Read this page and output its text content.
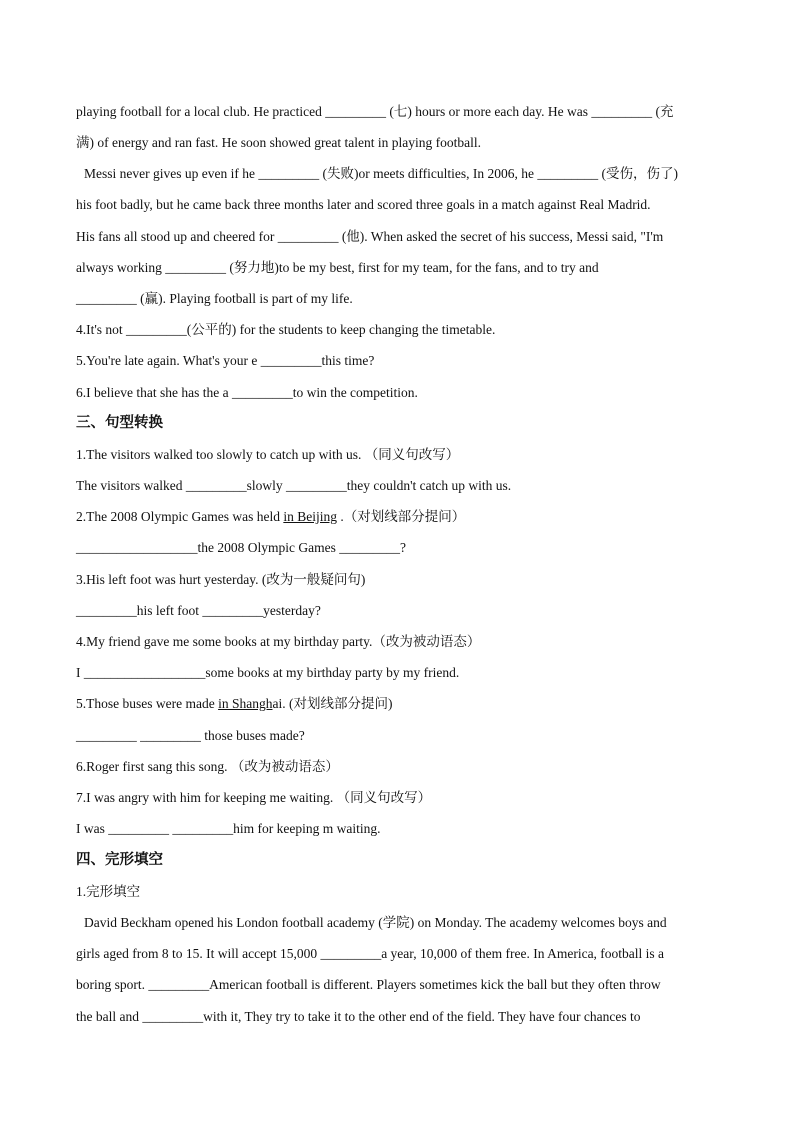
playing football for a local club. He practiced _________ (七) hours or more each day. He was _________ (充
满) of energy and ran fast. He soon showed great talent in playing football.
Messi never gives up even if he _________ (失败)or meets difficulties, In 2006, he _________ (受伤，伤了)
his foot badly, but he came back three months later and scored three goals in a match against Real Madrid.
His fans all stood up and cheered for _________ (他). When asked the secret of his success, Messi said, "I'm
always working _________ (努力地)to be my best, first for my team, for the fans, and to try and
_________ (赢). Playing football is part of my life.
4.It's not _________(公平的) for the students to keep changing the timetable.
5.You're late again. What's your e _________this time?
6.I believe that she has the a _________to win the competition.
三、句型转换
1.The visitors walked too slowly to catch up with us. （同义句改写）
The visitors walked _________slowly _________they couldn't catch up with us.
2.The 2008 Olympic Games was held in Beijing .（对划线部分提问）
__________________the 2008 Olympic Games _________?
3.His left foot was hurt yesterday. (改为一般疑问句)
_________his left foot _________yesterday?
4.My friend gave me some books at my birthday party.（改为被动语态）
I __________________some books at my birthday party by my friend.
5.Those buses were made in Shanghai. (对划线部分提问)
_________ _________ those buses made?
6.Roger first sang this song. （改为被动语态）
7.I was angry with him for keeping me waiting. （同义句改写）
I was _________ _________him for keeping m waiting.
四、完形填空
1.完形填空
David Beckham opened his London football academy (学院) on Monday. The academy welcomes boys and
girls aged from 8 to 15. It will accept 15,000 _________a year, 10,000 of them free. In America, football is a
boring sport. _________American football is different. Players sometimes kick the ball but they often throw
the ball and _________with it, They try to take it to the other end of the field. They have four chances to
